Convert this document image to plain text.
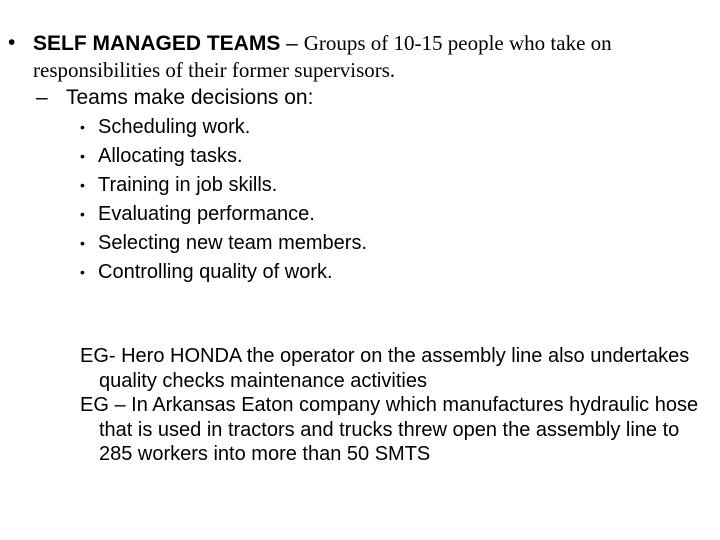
• SELF MANAGED TEAMS – Groups of 10-15 people who take on responsibilities of their former supervisors.
– Teams make decisions on:
• Scheduling work.
• Allocating tasks.
• Training in job skills.
• Evaluating performance.
• Selecting new team members.
• Controlling quality of work.

EG- Hero HONDA the operator on the assembly line also undertakes quality checks maintenance activities

EG – In Arkansas Eaton company which manufactures hydraulic hose that is used in tractors and trucks threw open the assembly line to 285 workers into more than 50 SMTS
